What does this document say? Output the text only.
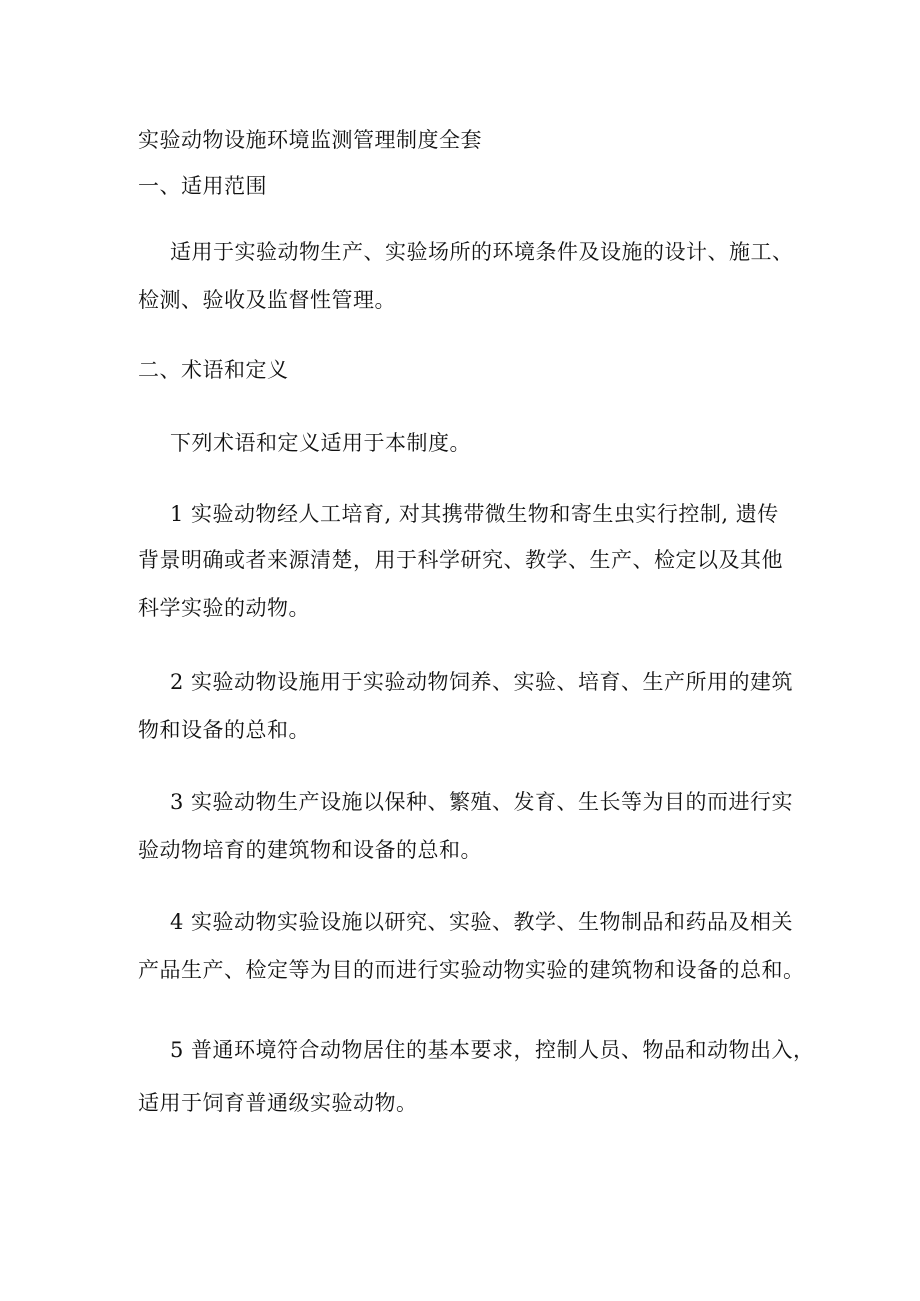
实验动物设施环境监测管理制度全套
一、适用范围
适用于实验动物生产、实验场所的环境条件及设施的设计、施工、
检测、验收及监督性管理。
二、术语和定义
下列术语和定义适用于本制度。
1 实验动物经人工培育, 对其携带微生物和寄生虫实行控制, 遗传
背景明确或者来源清楚，用于科学研究、教学、生产、检定以及其他
科学实验的动物。
2 实验动物设施用于实验动物饲养、实验、培育、生产所用的建筑
物和设备的总和。
3 实验动物生产设施以保种、繁殖、发育、生长等为目的而进行实
验动物培育的建筑物和设备的总和。
4 实验动物实验设施以研究、实验、教学、生物制品和药品及相关
产品生产、检定等为目的而进行实验动物实验的建筑物和设备的总和。
5 普通环境符合动物居住的基本要求，控制人员、物品和动物出入，
适用于饲育普通级实验动物。
